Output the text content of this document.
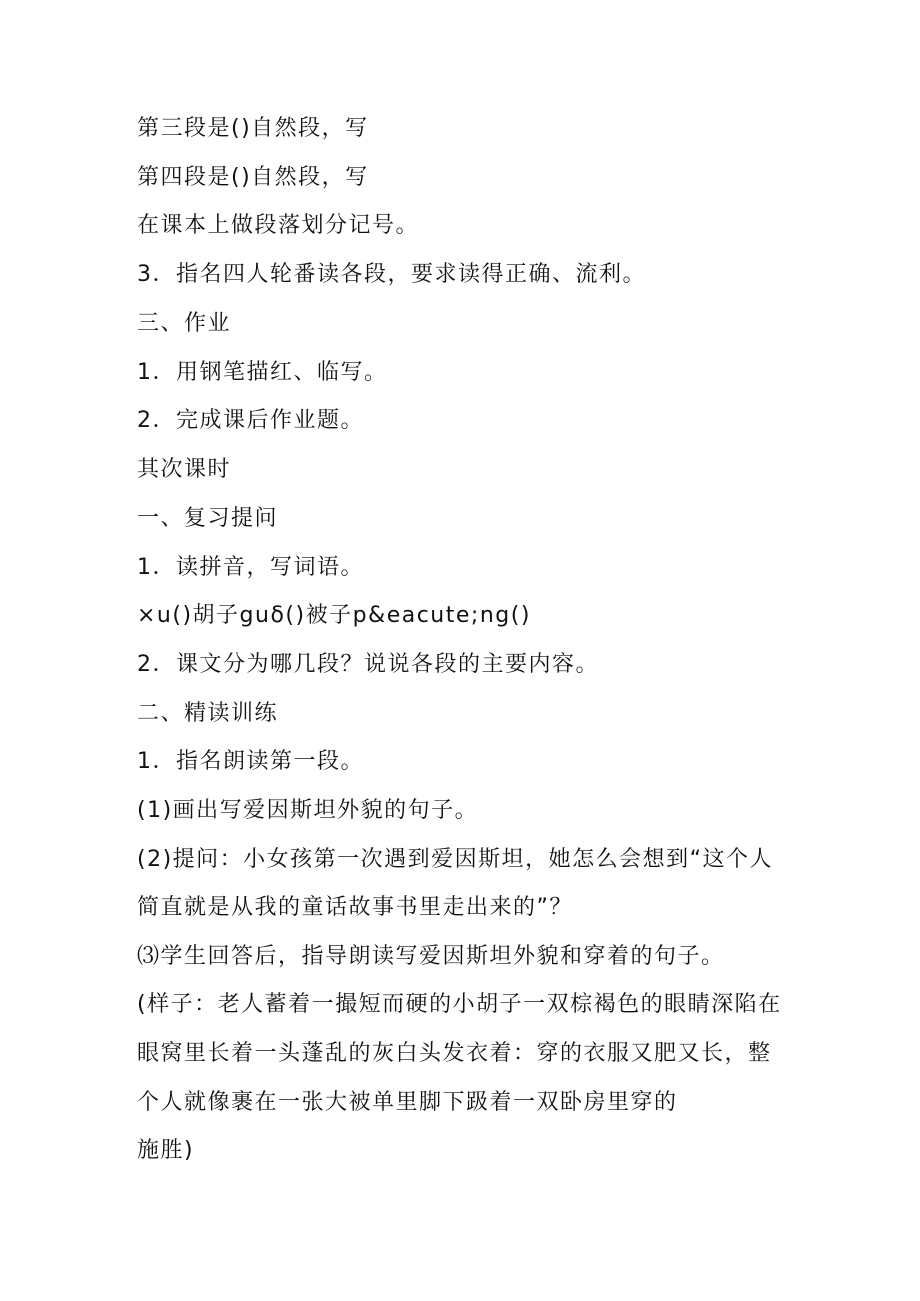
第三段是()自然段，写

第四段是()自然段，写

在课本上做段落划分记号。

3．指名四人轮番读各段，要求读得正确、流利。

三、作业

1．用钢笔描红、临写。

2．完成课后作业题。

其次课时

一、复习提问

1．读拼音，写词语。

×u()胡子guδ()被子p&eacute;ng()

2．课文分为哪几段？说说各段的主要内容。

二、精读训练

1．指名朗读第一段。

(1)画出写爱因斯坦外貌的句子。

(2)提问：小女孩第一次遇到爱因斯坦，她怎么会想到“这个人

简直就是从我的童话故事书里走出来的”？

⑶学生回答后，指导朗读写爱因斯坦外貌和穿着的句子。

(样子：老人蓄着一撮短而硬的小胡子一双棕褐色的眼睛深陷在

眼窝里长着一头蓬乱的灰白头发衣着：穿的衣服又肥又长，整

个人就像裹在一张大被单里脚下趿着一双卧房里穿的

施胜)
